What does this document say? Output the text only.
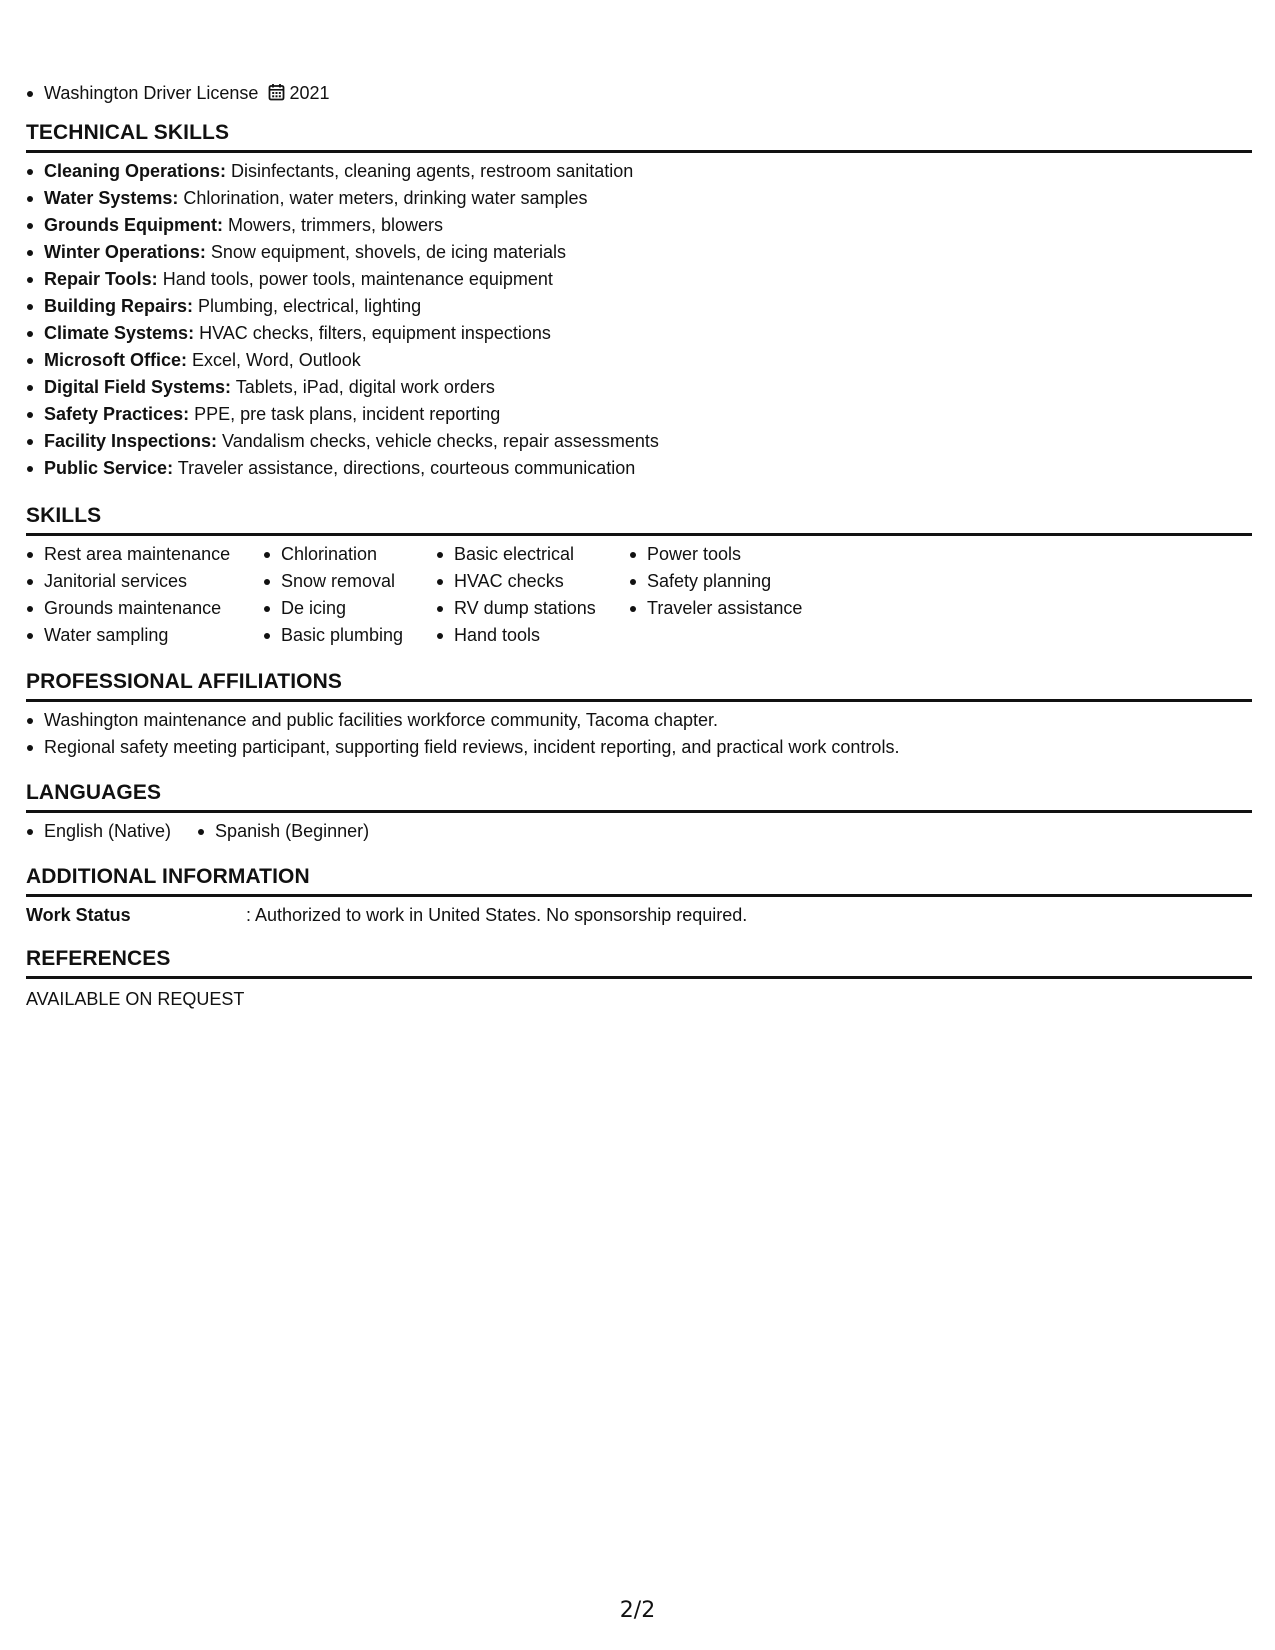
Washington Driver License 2021
TECHNICAL SKILLS
Cleaning Operations: Disinfectants, cleaning agents, restroom sanitation
Water Systems: Chlorination, water meters, drinking water samples
Grounds Equipment: Mowers, trimmers, blowers
Winter Operations: Snow equipment, shovels, de icing materials
Repair Tools: Hand tools, power tools, maintenance equipment
Building Repairs: Plumbing, electrical, lighting
Climate Systems: HVAC checks, filters, equipment inspections
Microsoft Office: Excel, Word, Outlook
Digital Field Systems: Tablets, iPad, digital work orders
Safety Practices: PPE, pre task plans, incident reporting
Facility Inspections: Vandalism checks, vehicle checks, repair assessments
Public Service: Traveler assistance, directions, courteous communication
SKILLS
Rest area maintenance
Janitorial services
Grounds maintenance
Water sampling
Chlorination
Snow removal
De icing
Basic plumbing
Basic electrical
HVAC checks
RV dump stations
Hand tools
Power tools
Safety planning
Traveler assistance
PROFESSIONAL AFFILIATIONS
Washington maintenance and public facilities workforce community, Tacoma chapter.
Regional safety meeting participant, supporting field reviews, incident reporting, and practical work controls.
LANGUAGES
English (Native)	Spanish (Beginner)
ADDITIONAL INFORMATION
Work Status	: Authorized to work in United States. No sponsorship required.
REFERENCES
AVAILABLE ON REQUEST
2/2
